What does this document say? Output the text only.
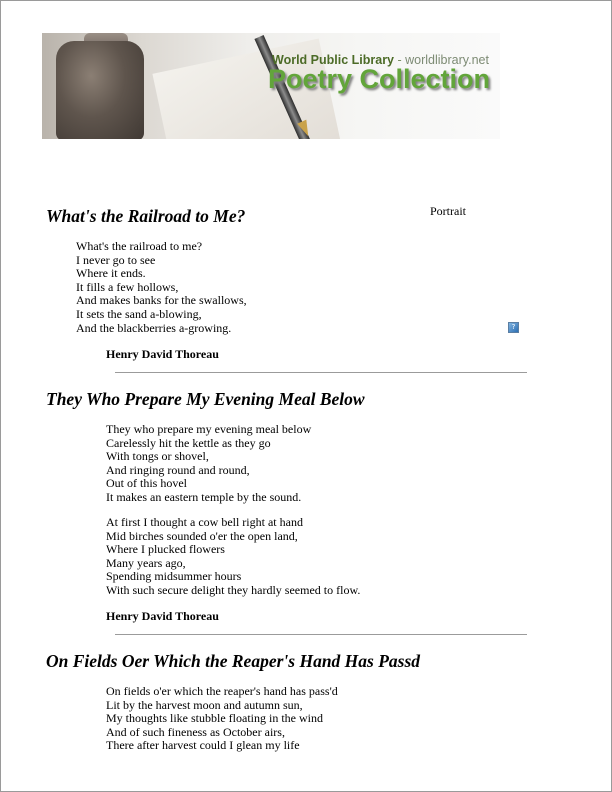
World Public Library - worldlibrary.net
Poetry Collection
What's the Railroad to Me?	Portrait
What's the railroad to me?
I never go to see
Where it ends.
It fills a few hollows,
And makes banks for the swallows,
It sets the sand a-blowing,
And the blackberries a-growing.	?
Henry David Thoreau
They Who Prepare My Evening Meal Below
They who prepare my evening meal below
Carelessly hit the kettle as they go
With tongs or shovel,
And ringing round and round,
Out of this hovel
It makes an eastern temple by the sound.
At first I thought a cow bell right at hand
Mid birches sounded o'er the open land,
Where I plucked flowers
Many years ago,
Spending midsummer hours
With such secure delight they hardly seemed to flow.
Henry David Thoreau
On Fields Oer Which the Reaper's Hand Has Passd
On fields o'er which the reaper's hand has pass'd
Lit by the harvest moon and autumn sun,
My thoughts like stubble floating in the wind
And of such fineness as October airs,
There after harvest could I glean my life
